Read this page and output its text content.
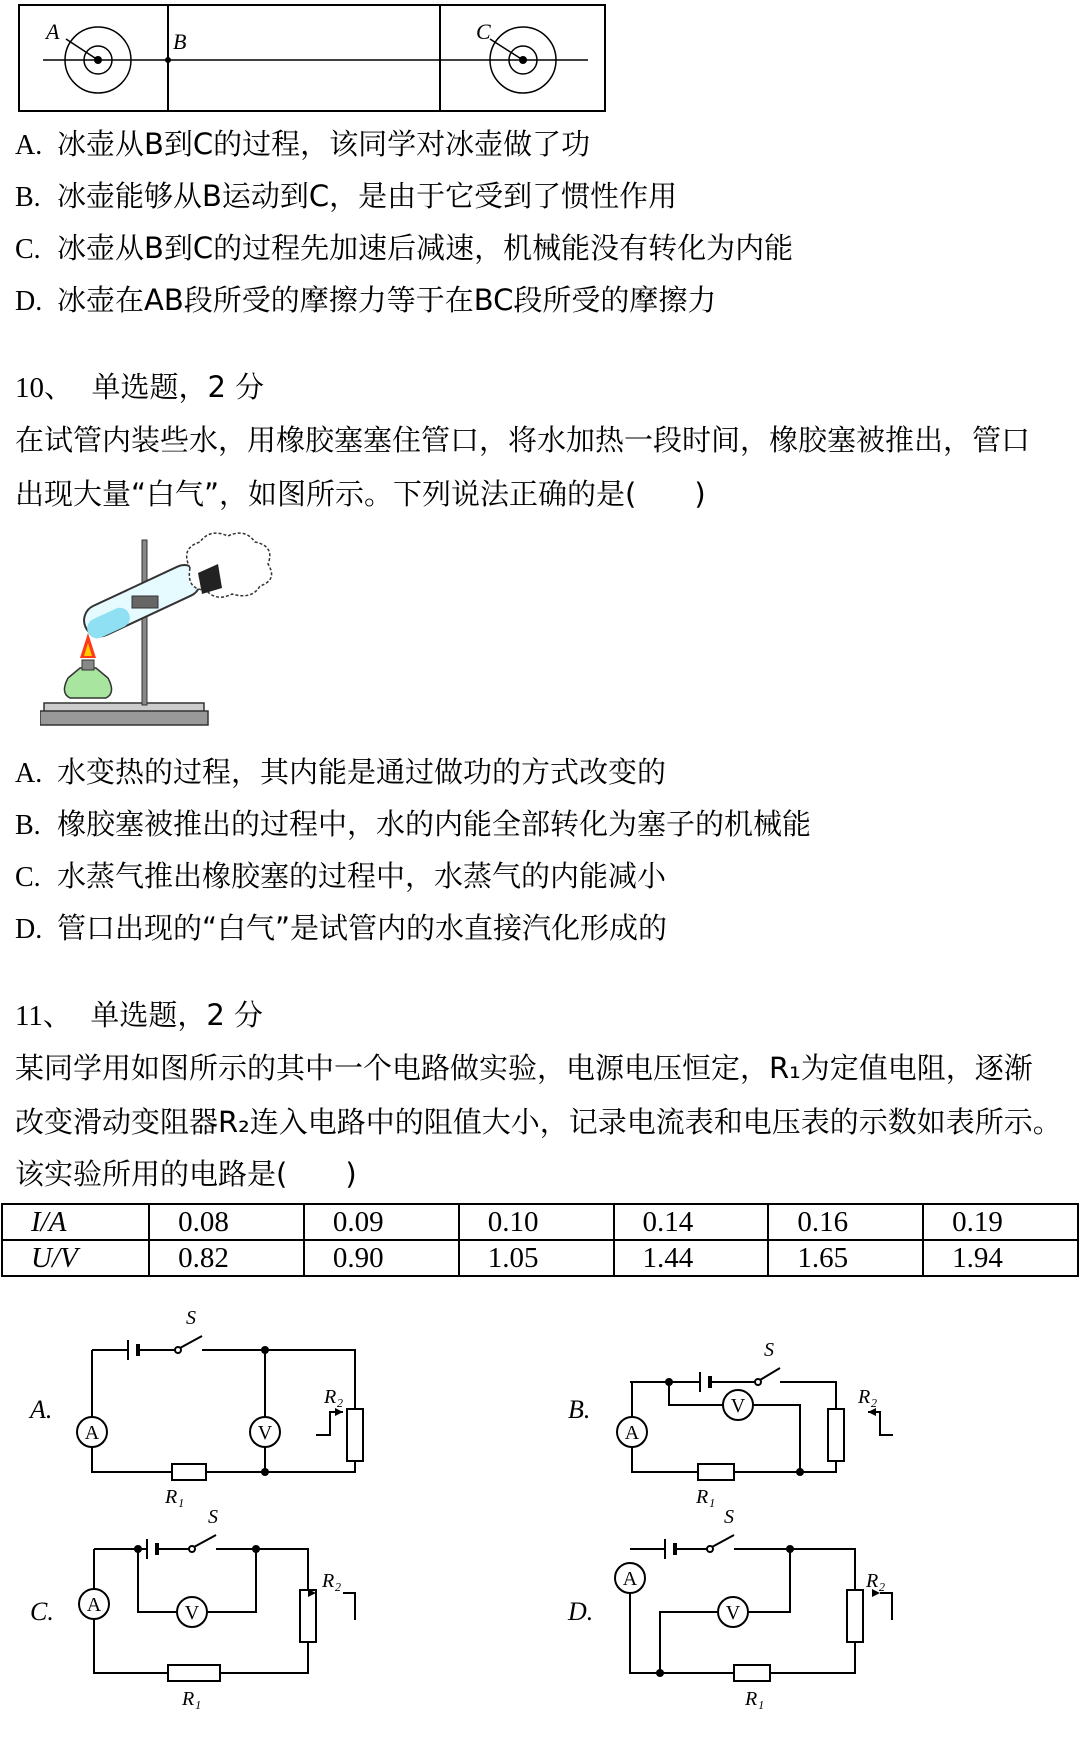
A	B	C
A. 冰壶从B到C的过程，该同学对冰壶做了功
B. 冰壶能够从B运动到C，是由于它受到了惯性作用
C. 冰壶从B到C的过程先加速后减速，机械能没有转化为内能
D. 冰壶在AB段所受的摩擦力等于在BC段所受的摩擦力
10、 单选题，2 分
在试管内装些水，用橡胶塞塞住管口，将水加热一段时间，橡胶塞被推出，管口
出现大量“白气”，如图所示。下列说法正确的是(　　)
A. 水变热的过程，其内能是通过做功的方式改变的
B. 橡胶塞被推出的过程中，水的内能全部转化为塞子的机械能
C. 水蒸气推出橡胶塞的过程中，水蒸气的内能减小
D. 管口出现的“白气”是试管内的水直接汽化形成的
11、 单选题，2 分
某同学用如图所示的其中一个电路做实验，电源电压恒定，R₁为定值电阻，逐渐
改变滑动变阻器R₂连入电路中的阻值大小，记录电流表和电压表的示数如表所示。
该实验所用的电路是(　　)
I/A	0.08	0.09	0.10	0.14	0.16	0.19
U/V	0.82	0.90	1.05	1.44	1.65	1.94
A	A
A
A
V
V
V	V
S
S
S	S
R₁	R₁
R₁	R₁
R₂	R₂
R₂	R₂
A.	B.
C.	D.
